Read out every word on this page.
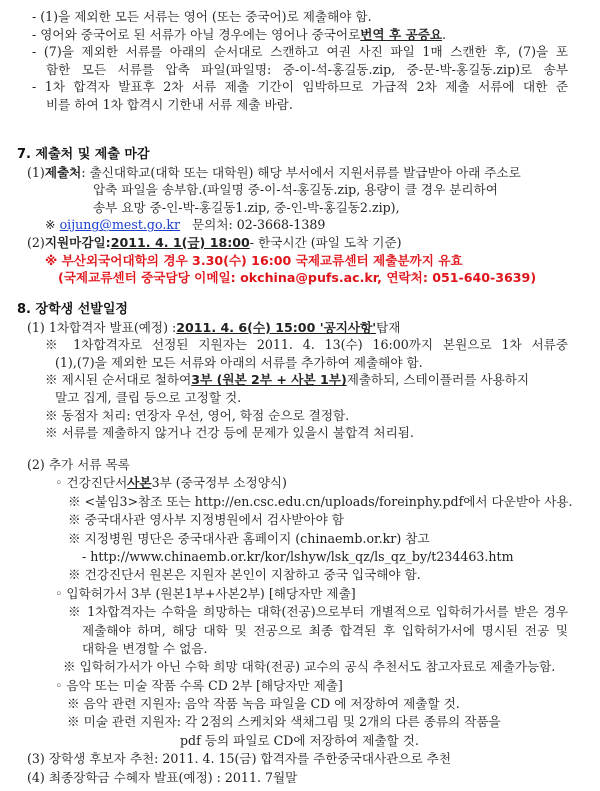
- (1)을 제외한 모든 서류는 영어 (또는 중국어)로 제출해야 함.
- 영어와 중국어로 된 서류가 아닐 경우에는 영어나 중국어로번역 후 공증요.
- (7)을 제외한 서류를 아래의 순서대로 스캔하고 여권 사진 파일 1매 스캔한 후, (7)을 포
함한 모든 서류를 압축 파일(파일명: 중-이-석-홍길동.zip, 중-문-박-홍길동.zip)로 송부
- 1차 합격자 발표후 2차 서류 제출 기간이 임박하므로 가급적 2차 제출 서류에 대한 준
비를 하여 1차 합격시 기한내 서류 제출 바람.
7. 제출처 및 제출 마감
(1)제출처: 출신대학교(대학 또는 대학원) 해당 부서에서 지원서류를 발급받아 아래 주소로
압축 파일을 송부함.(파일명 중-이-석-홍길동.zip, 용량이 클 경우 분리하여
송부 요망 중-인-박-홍길동1.zip, 중-인-박-홍길동2.zip),
※ oijung@mest.go.kr 문의처: 02-3668-1389
(2)지원마감일:2011. 4. 1(금) 18:00- 한국시간 (파일 도착 기준)
※ 부산외국어대학의 경우 3.30(수) 16:00 국제교류센터 제출분까지 유효
(국제교류센터 중국담당 이메일: okchina@pufs.ac.kr, 연락처: 051-640-3639)
8. 장학생 선발일정
(1) 1차합격자 발표(예정) :2011. 4. 6(수) 15:00 '공지사항'탑재
※ 1차합격자로 선정된 지원자는 2011. 4. 13(수) 16:00까지 본원으로 1차 서류중
(1),(7)을 제외한 모든 서류와 아래의 서류를 추가하여 제출해야 함.
※ 제시된 순서대로 철하여3부 (원본 2부 + 사본 1부)제출하되, 스테이플러를 사용하지
말고 집게, 클립 등으로 고정할 것.
※ 동점자 처리: 연장자 우선, 영어, 학점 순으로 결정함.
※ 서류를 제출하지 않거나 건강 등에 문제가 있을시 불합격 처리됨.
(2) 추가 서류 목록
◦ 건강진단서사본3부 (중국정부 소정양식)
※ <붙임3>참조 또는 http://en.csc.edu.cn/uploads/foreinphy.pdf에서 다운받아 사용.
※ 중국대사관 영사부 지정병원에서 검사받아야 함
※ 지정병원 명단은 중국대사관 홈페이지 (chinaemb.or.kr) 참고
- http://www.chinaemb.or.kr/kor/lshyw/lsk_qz/ls_qz_by/t234463.htm
※ 건강진단서 원본은 지원자 본인이 지참하고 중국 입국해야 함.
◦ 입학허가서 3부 (원본1부+사본2부) [해당자만 제출]
※ 1차합격자는 수학을 희망하는 대학(전공)으로부터 개별적으로 입학허가서를 받은 경우
제출해야 하며, 해당 대학 및 전공으로 최종 합격된 후 입학허가서에 명시된 전공 및
대학을 변경할 수 없음.
※ 입학허가서가 아닌 수학 희망 대학(전공) 교수의 공식 추천서도 참고자료로 제출가능함.
◦ 음악 또는 미술 작품 수록 CD 2부 [해당자만 제출]
※ 음악 관련 지원자: 음악 작품 녹음 파일을 CD 에 저장하여 제출할 것.
※ 미술 관련 지원자: 각 2점의 스케치와 색채그림 및 2개의 다른 종류의 작품을
pdf 등의 파일로 CD에 저장하여 제출할 것.
(3) 장학생 후보자 추천: 2011. 4. 15(금) 합격자를 주한중국대사관으로 추천
(4) 최종장학금 수혜자 발표(예정) : 2011. 7월말
